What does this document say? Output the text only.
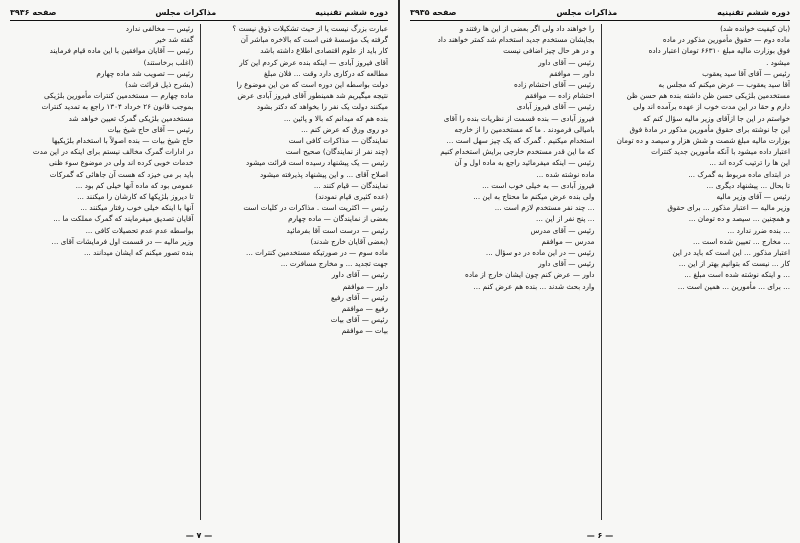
دوره ششم تقنینیه
مذاکرات مجلس
صفحه ۳۹۳۶

عبارت بزرگ نیست یا از حیث تشکیلات ذوق نیست ؟

گرفته یک مؤسسهٔ فنی است که بالاخره مباشر آن

کار باید از علوم اقتصادی اطلاع داشته باشد

آقای فیروز آبادی — اینکه بنده عرض کردم این کار

مطالعه که درکاری دارد وقت ... فلان مبلغ

دولت بواسطه این دوره است که من این موضوع را

نتیجه میگیریم شد همینطور آقای فیروز آبادی عرض

میکنند دولت یک نفر را بخواهد که دکتر بشود

بنده هم که میدانم که بالا و پائین ...

دو روی ورق که عرض کنم ...

نمایندگان — مذاکرات کافی است

(چند نفر از نمایندگان) صحیح است

رئیس — یک پیشنهاد رسیده است قرائت میشود

اصلاح آقای ... و این پیشنهاد پذیرفته میشود

نمایندگان — قیام کنند ...

(عده کثیری قیام نمودند)

رئیس — اکثریت است . مذاکرات در کلیات است

بعضی از نمایندگان — ماده چهارم

رئیس — درست است آقا بفرمائید

(بعضی آقایان خارج شدند)

ماده سوم — در صورتیکه مستخدمین کنترات ...

جهت تجدید ... و مخارج مسافرت ...

رئیس — آقای داور

داور — موافقم

رئیس — آقای رفیع

رفیع — موافقم

رئیس — آقای بیات

بیات — موافقم

رئیس — مخالفی ندارد

گفته شد خیر

رئیس — آقایان موافقین با این ماده قیام فرمایند

(اغلب برخاستند)

رئیس — تصویب شد ماده چهارم

(بشرح ذیل قرائت شد)

ماده چهارم — مستخدمین کنترات مأمورین بلژیکی

بموجب قانون ۲۶ خرداد ۱۳۰۴ راجع به تمدید کنترات

مستخدمین بلژیکی گمرک تعیین خواهد شد

رئیس — آقای حاج شیخ بیات

حاج شیخ بیات — بنده اصولاً با استخدام بلژیکیها

در ادارات گمرک مخالف نیستم برای اینکه در این مدت

خدمات خوبی کرده اند ولی در موضوع سوء ظنی

باید بر می خیزد که هست آن جاهائی که گمرکات

عمومی بود که ماده آنها خیلی کم بود ...

تا دیروز بلژیکها که کارشان را میکنند ...

آنها با اینکه خیلی خوب رفتار میکنند ...

آقایان تصدیق میفرمایند که گمرک مملکت ما ...

بواسطه عدم عدم تحصیلات کافی ...

وزیر مالیه — در قسمت اول فرمایشات آقای ...

بنده تصور میکنم که ایشان میدانند ...

— ۷ —
دوره ششم تقنینیه
مذاکرات مجلس
صفحه ۳۹۳۵

(بان کیفیت خوانده شد)

ماده دوم — حقوق مأمورین مذکور در ماده

فوق بوزارت مالیه مبلغ ۶۶۳۱۰ تومان اعتبار داده

میشود .

رئیس — آقای آقا سید یعقوب

آقا سید یعقوب — عرض میکنم که مجلس به

مستخدمین بلژیکی حسن ظن داشته بنده هم حسن ظن

دارم و حقا در این مدت خوب از عهده برآمده اند ولی

خواستم در این جا ازآقای وزیر مالیه سؤال کنم که

این جا نوشته برای حقوق مأمورین مذکور در مادهٔ فوق

بوزارت مالیه مبلغ شصت و شش هزار و سیصد و ده تومان

اعتبار داده میشود با آنکه مأمورین جدید کنترات

این ها را ترتیب کرده اند ...

در ابتدای ماده مربوط به گمرک ...

تا بحال ... پیشنهاد دیگری ...

رئیس — آقای وزیر مالیه

وزیر مالیه — اعتبار مذکور ... برای حقوق

و همچنین ... سیصد و ده تومان ...

... بنده ضرر ندارد ...

... مخارج ... تعیین شده است ...

اعتبار مذکور ... این است که باید در این

کار ... نیست که بتوانیم بهتر از این ...

... و اینکه نوشته شده است مبلغ ...

... برای ... مأمورین ... همین است ...

را خواهند داد ولی اگر بعضی از این ها رفتند و

بجایشان مستخدم جدید استخدام شد کمتر خواهند داد

و در هر حال چیز اضافی نیست

رئیس — آقای داور

داور — موافقم

رئیس — آقای احتشام زاده

احتشام زاده — موافقم

رئیس — آقای فیروز آبادی

فیروز آبادی — بنده قسمت از نظریات بنده را آقای

بامیالی فرمودند . ما که مستخدمین را از خارجه

استخدام میکنیم . گمرک که یک چیز سهل است ...

که ما این قدر مستخدم خارجی برایش استخدام کنیم

رئیس — اینکه میفرمائید راجع به ماده اول و آن

ماده نوشته شده ...

فیروز آبادی — به خیلی خوب است ...

ولی بنده عرض میکنم ما محتاج به این ...

... چند نفر مستخدم لازم است ...

... پنج نفر از این ...

رئیس — آقای مدرس

مدرس — موافقم

رئیس — در این ماده در دو سؤال ...

رئیس — آقای داور

داور — عرض کنم چون ایشان خارج از ماده

وارد بحث شدند ... بنده هم عرض کنم ...

— ۶ —
